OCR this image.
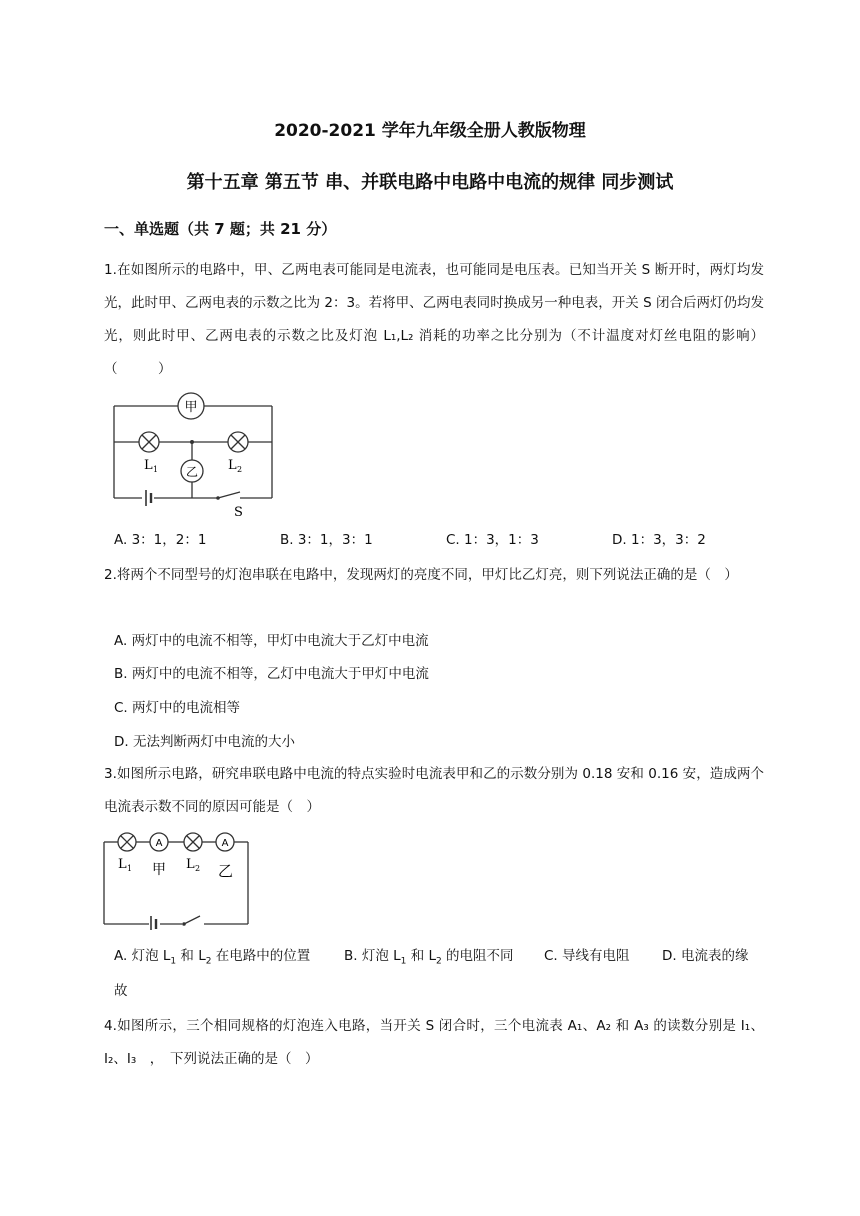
2020-2021 学年九年级全册人教版物理
第十五章 第五节 串、并联电路中电路中电流的规律 同步测试
一、单选题（共 7 题；共 21 分）
1.在如图所示的电路中，甲、乙两电表可能同是电流表，也可能同是电压表。已知当开关 S 断开时，两灯均发光，此时甲、乙两电表的示数之比为 2：3。若将甲、乙两电表同时换成另一种电表，开关 S 闭合后两灯仍均发光，则此时甲、乙两电表的示数之比及灯泡 L₁,L₂ 消耗的功率之比分别为（不计温度对灯丝电阻的影响）（　　　）
甲
乙
L 1	L 2
S
A. 3：1，2：1	B. 3：1，3：1	C. 1：3，1：3	D. 1：3，3：2
2.将两个不同型号的灯泡串联在电路中，发现两灯的亮度不同，甲灯比乙灯亮，则下列说法正确的是（　）
A. 两灯中的电流不相等，甲灯中电流大于乙灯中电流
B. 两灯中的电流不相等，乙灯中电流大于甲灯中电流
C. 两灯中的电流相等
D. 无法判断两灯中电流的大小
3.如图所示电路，研究串联电路中电流的特点实验时电流表甲和乙的示数分别为 0.18 安和 0.16 安，造成两个电流表示数不同的原因可能是（　）
A	A
L 1 甲 L 2 乙
A. 灯泡 $L_1$ 和 $L_2$ 在电路中的位置 B. 灯泡 $L_1$ 和 $L_2$ 的电阻不同 C. 导线有电阻 D. 电流表的缘
故
4.如图所示，三个相同规格的灯泡连入电路，当开关 S 闭合时，三个电流表 A₁、A₂ 和 A₃ 的读数分别是 I₁、I₂、I₃　，　下列说法正确的是（　）
